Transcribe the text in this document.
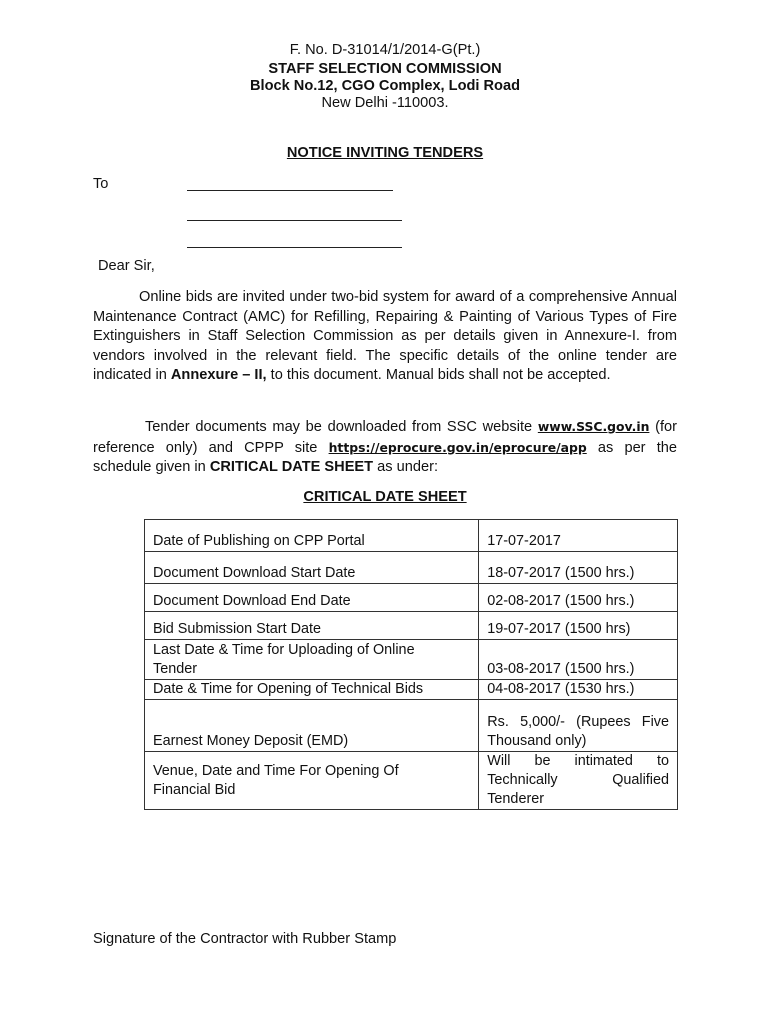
F. No. D-31014/1/2014-G(Pt.)
STAFF SELECTION COMMISSION
Block No.12, CGO Complex, Lodi Road
New Delhi -110003.
NOTICE INVITING TENDERS
To
Dear Sir,

Online bids are invited under two-bid system for award of a comprehensive Annual Maintenance Contract (AMC) for Refilling, Repairing & Painting of Various Types of Fire Extinguishers in Staff Selection Commission as per details given in Annexure-I. from vendors involved in the relevant field. The specific details of the online tender are indicated in Annexure – II, to this document. Manual bids shall not be accepted.

Tender documents may be downloaded from SSC website www.SSC.gov.in (for reference only) and CPPP site https://eprocure.gov.in/eprocure/app as per the schedule given in CRITICAL DATE SHEET as under:

CRITICAL DATE SHEET
Date of Publishing on CPP Portal	17-07-2017
Document Download Start Date	18-07-2017 (1500 hrs.)
Document Download End Date	02-08-2017 (1500 hrs.)
Bid Submission Start Date	19-07-2017 (1500 hrs)
Last Date & Time for Uploading of Online Tender	03-08-2017 (1500 hrs.)
Date & Time for Opening of Technical Bids	04-08-2017 (1530 hrs.)
Earnest Money Deposit (EMD)	Rs. 5,000/- (Rupees Five Thousand only)
Venue, Date and Time For Opening Of Financial Bid	Will be intimated to Technically Qualified Tenderer
Signature of the Contractor with Rubber Stamp
